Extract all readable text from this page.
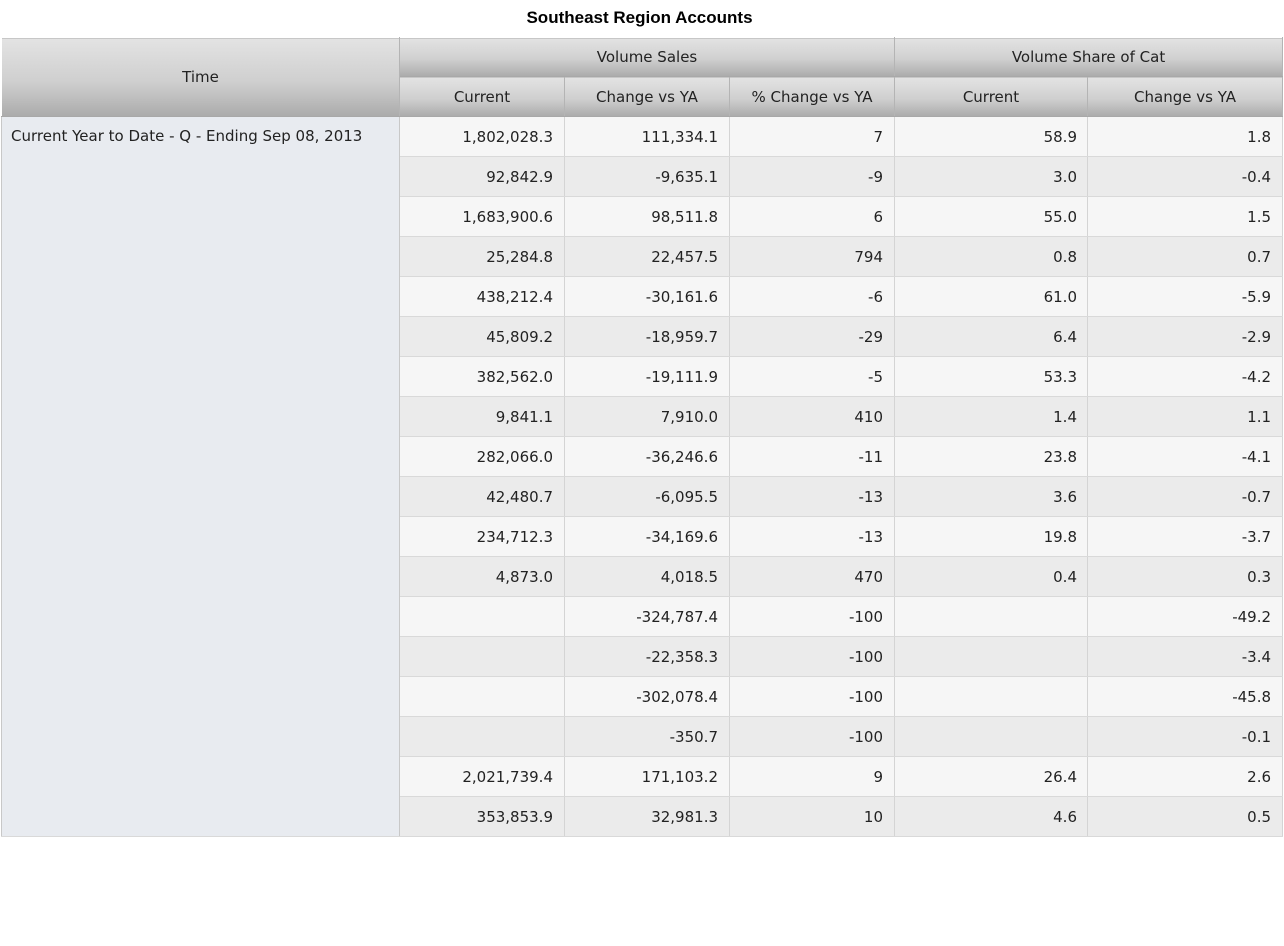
Southeast Region Accounts
Time	Volume Sales			Volume Share of Cat	
	Current	Change vs YA	% Change vs YA	Current	Change vs YA
Current Year to Date - Q - Ending Sep 08, 2013	1,802,028.3	111,334.1	7	58.9	1.8
	92,842.9	-9,635.1	-9	3.0	-0.4
	1,683,900.6	98,511.8	6	55.0	1.5
	25,284.8	22,457.5	794	0.8	0.7
	438,212.4	-30,161.6	-6	61.0	-5.9
	45,809.2	-18,959.7	-29	6.4	-2.9
	382,562.0	-19,111.9	-5	53.3	-4.2
	9,841.1	7,910.0	410	1.4	1.1
	282,066.0	-36,246.6	-11	23.8	-4.1
	42,480.7	-6,095.5	-13	3.6	-0.7
	234,712.3	-34,169.6	-13	19.8	-3.7
	4,873.0	4,018.5	470	0.4	0.3
		-324,787.4	-100		-49.2
		-22,358.3	-100		-3.4
		-302,078.4	-100		-45.8
		-350.7	-100		-0.1
	2,021,739.4	171,103.2	9	26.4	2.6
	353,853.9	32,981.3	10	4.6	0.5
